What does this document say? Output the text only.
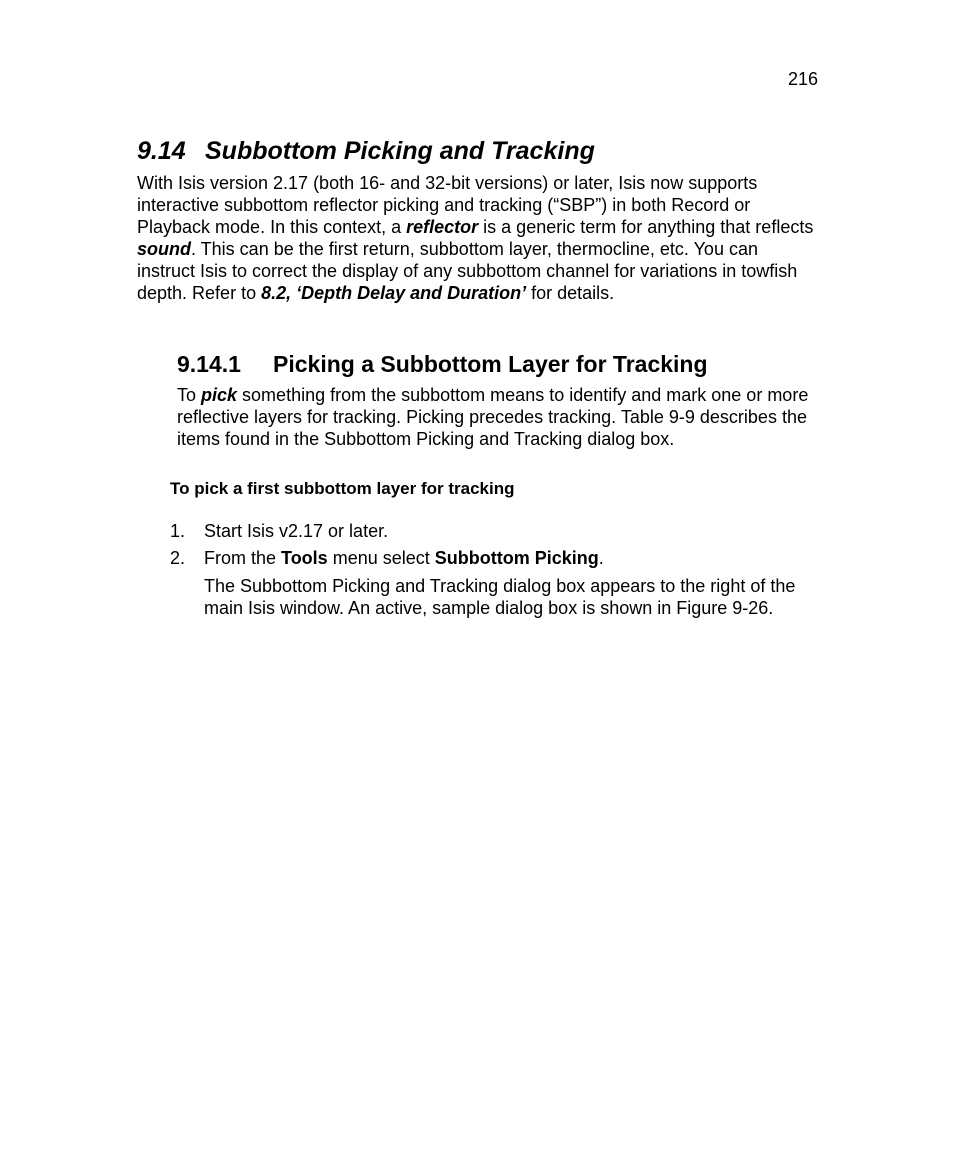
216
9.14 Subbottom Picking and Tracking

With Isis version 2.17 (both 16- and 32-bit versions) or later, Isis now supports interactive subbottom reflector picking and tracking (“SBP”) in both Record or Playback mode. In this context, a reflector is a generic term for anything that reflects sound. This can be the first return, subbottom layer, thermocline, etc. You can instruct Isis to correct the display of any subbottom channel for variations in towfish depth. Refer to 8.2, ‘Depth Delay and Duration’ for details.

9.14.1 Picking a Subbottom Layer for Tracking

To pick something from the subbottom means to identify and mark one or more reflective layers for tracking. Picking precedes tracking. Table 9-9 describes the items found in the Subbottom Picking and Tracking dialog box.

To pick a first subbottom layer for tracking
1. Start Isis v2.17 or later.
2. From the Tools menu select Subbottom Picking.

The Subbottom Picking and Tracking dialog box appears to the right of the main Isis window. An active, sample dialog box is shown in Figure 9-26.
